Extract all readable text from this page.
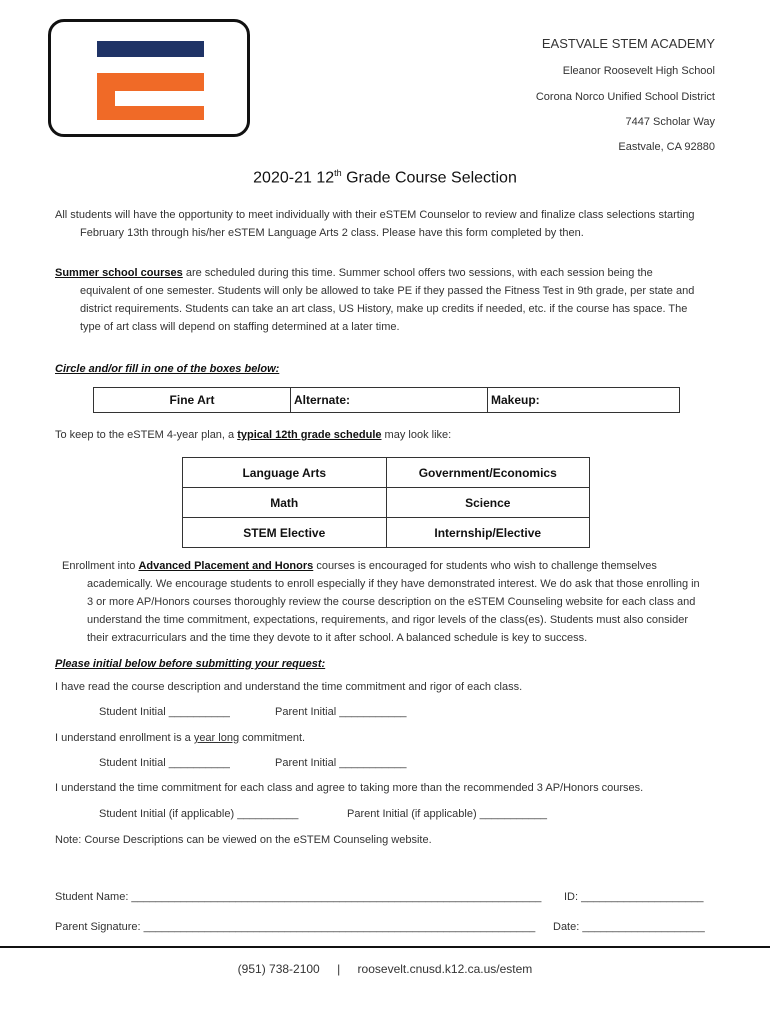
EASTVALE STEM ACADEMY
Eleanor Roosevelt High School
Corona Norco Unified School District
7447 Scholar Way
Eastvale, CA 92880
2020-21 12th Grade Course Selection
All students will have the opportunity to meet individually with their eSTEM Counselor to review and finalize class selections starting February 13th through his/her eSTEM Language Arts 2 class. Please have this form completed by then.
Summer school courses are scheduled during this time. Summer school offers two sessions, with each session being the equivalent of one semester. Students will only be allowed to take PE if they passed the Fitness Test in 9th grade, per state and district requirements. Students can take an art class, US History, make up credits if needed, etc. if the course has space. The type of art class will depend on staffing determined at a later time.
Circle and/or fill in one of the boxes below:
Fine Art	Alternate:	Makeup:
To keep to the eSTEM 4-year plan, a typical 12th grade schedule may look like:
Language Arts	Government/Economics
Math	Science
STEM Elective	Internship/Elective
Enrollment into Advanced Placement and Honors courses is encouraged for students who wish to challenge themselves academically. We encourage students to enroll especially if they have demonstrated interest. We do ask that those enrolling in 3 or more AP/Honors courses thoroughly review the course description on the eSTEM Counseling website for each class and understand the time commitment, expectations, requirements, and rigor levels of the class(es). Students must also consider their extracurriculars and the time they devote to it after school. A balanced schedule is key to success.
Please initial below before submitting your request:
I have read the course description and understand the time commitment and rigor of each class.
Student Initial __________	Parent Initial ___________
I understand enrollment is a year long commitment.
Student Initial __________	Parent Initial ___________
I understand the time commitment for each class and agree to taking more than the recommended 3 AP/Honors courses.
Student Initial (if applicable) __________	Parent Initial (if applicable) ___________
Note: Course Descriptions can be viewed on the eSTEM Counseling website.
Student Name: ___________________________________________________________________	ID: ____________________
Parent Signature: ________________________________________________________________	Date: ____________________
(951) 738-2100 | roosevelt.cnusd.k12.ca.us/estem
